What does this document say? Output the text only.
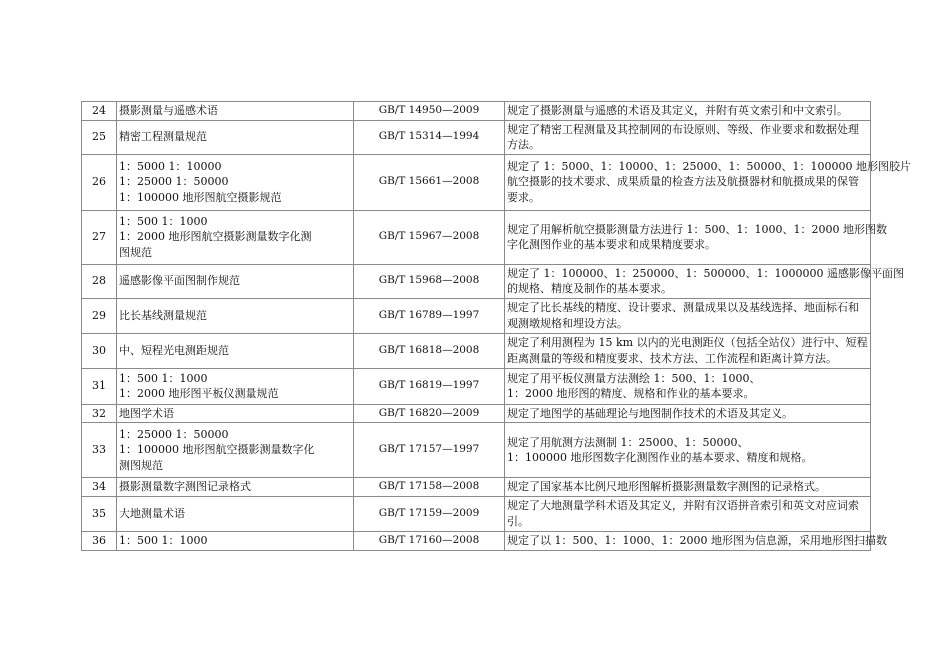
24	摄影测量与遥感术语	GB/T 14950—2009	规定了摄影测量与遥感的术语及其定义，并附有英文索引和中文索引。

25	精密工程测量规范	GB/T 15314—1994	规定了精密工程测量及其控制网的布设原则、等级、作业要求和数据处理
方法。

26	1：5000 1：10000
1：25000 1：50000
1：100000 地形图航空摄影规范	GB/T 15661—2008	规定了 1：5000、1：10000、1：25000、1：50000、1：100000 地形图胶片
航空摄影的技术要求、成果质量的检查方法及航摄器材和航摄成果的保管
要求。

27	1：500 1：1000
1：2000 地形图航空摄影测量数字化测
图规范	GB/T 15967—2008	规定了用解析航空摄影测量方法进行 1：500、1：1000、1：2000 地形图数
字化测图作业的基本要求和成果精度要求。

28	遥感影像平面图制作规范	GB/T 15968—2008	规定了 1：100000、1：250000、1：500000、1：1000000 遥感影像平面图
的规格、精度及制作的基本要求。

29	比长基线测量规范	GB/T 16789—1997	规定了比长基线的精度、设计要求、测量成果以及基线选择、地面标石和
观测墩规格和埋设方法。

30	中、短程光电测距规范	GB/T 16818—2008	规定了利用测程为 15 km 以内的光电测距仪（包括全站仪）进行中、短程
距离测量的等级和精度要求、技术方法、工作流程和距离计算方法。

31	1：500 1：1000
1：2000 地形图平板仪测量规范	GB/T 16819—1997	规定了用平板仪测量方法测绘 1：500、1：1000、
1：2000 地形图的精度、规格和作业的基本要求。

32	地图学术语	GB/T 16820—2009	规定了地图学的基础理论与地图制作技术的术语及其定义。

33	1：25000 1：50000
1：100000 地形图航空摄影测量数字化
测图规范	GB/T 17157—1997	规定了用航测方法测制 1：25000、1：50000、
1：100000 地形图数字化测图作业的基本要求、精度和规格。

34	摄影测量数字测图记录格式	GB/T 17158—2008	规定了国家基本比例尺地形图解析摄影测量数字测图的记录格式。

35	大地测量术语	GB/T 17159—2009	规定了大地测量学科术语及其定义，并附有汉语拼音索引和英文对应词索
引。

36	1：500 1：1000	GB/T 17160—2008	规定了以 1：500、1：1000、1：2000 地形图为信息源，采用地形图扫描数
